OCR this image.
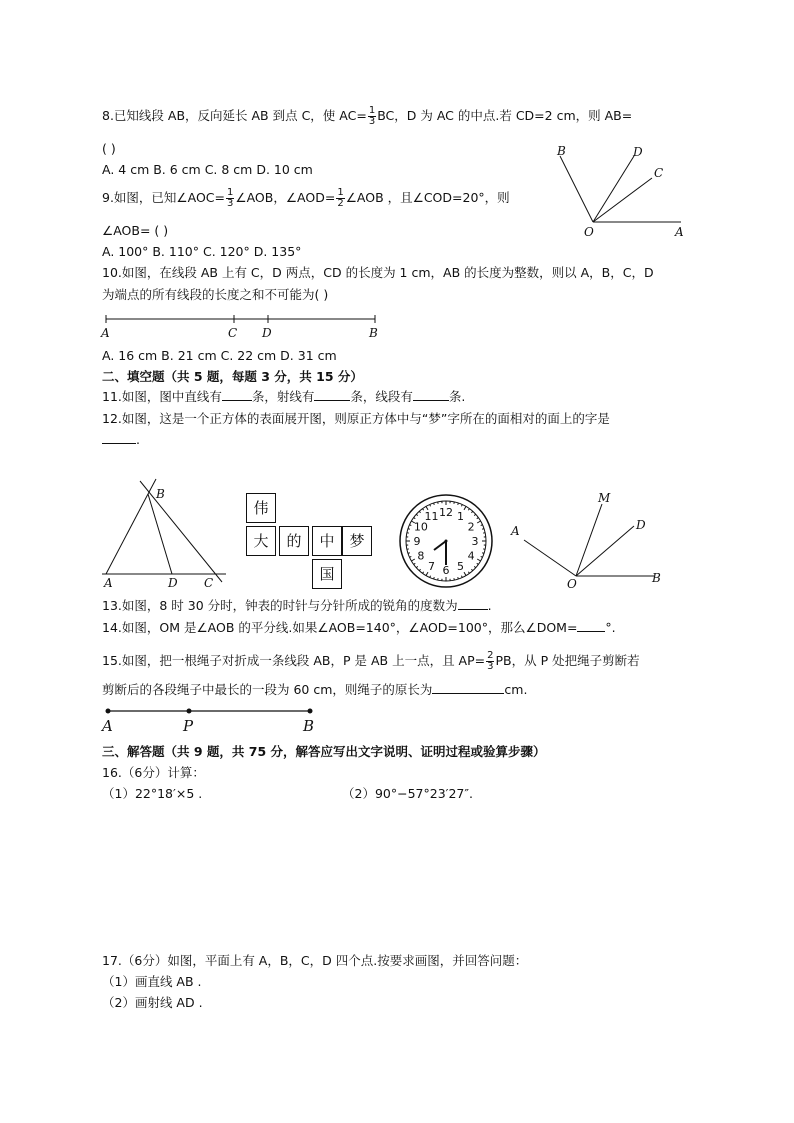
8.已知线段 AB，反向延长 AB 到点 C，使 $AC= \frac{1}{3}$ BC，D 为 AC 的中点.若 CD=2 cm，则 AB=
( )
A. 4 cm B. 6 cm C. 8 cm D. 10 cm
9.如图，已知∠AOC= $\frac{1}{3}$ ∠AOB，∠AOD= $\frac{1}{2}$ ∠AOB ，且∠COD=20°，则
∠AOB= ( )
A. 100° B. 110° C. 120° D. 135°
B	D
C
O	A
10.如图，在线段 AB 上有 C，D 两点，CD 的长度为 1 cm，AB 的长度为整数，则以 A，B，C，D
为端点的所有线段的长度之和不可能为( )
A	C D	B
A. 16 cm B. 21 cm C. 22 cm D. 31 cm
二、填空题（共 5 题，每题 3 分，共 15 分）
11.如图，图中直线有 条，射线有	条，线段有	条.
12.如图，这是一个正方体的表面展开图，则原正方体中与“梦”字所在的面相对的面上的字是
.
B
A	D C
伟
大	的	中 梦
国
12 1
2
3
4
5
6
7
8
9
10
11
M
D
A
O	B
13.如图，8 时 30 分时，钟表的时针与分针所成的锐角的度数为 .
14.如图，OM 是∠AOB 的平分线.如果∠AOB=140°，∠AOD=100°，那么∠DOM= °.
15.如图，把一根绳子对折成一条线段 AB，P 是 AB 上一点，且 $AP= \frac{2}{3}$ PB，从 P 处把绳子剪断若
剪断后的各段绳子中最长的一段为 60 cm，则绳子的原长为	cm.
A	P	B
三、解答题（共 9 题，共 75 分，解答应写出文字说明、证明过程或验算步骤）
16.（6分）计算：
（1）22°18′×5 .	（2）90°−57°23′27″.
17.（6分）如图，平面上有 A，B，C，D 四个点.按要求画图，并回答问题：
（1）画直线 AB .
（2）画射线 AD .
